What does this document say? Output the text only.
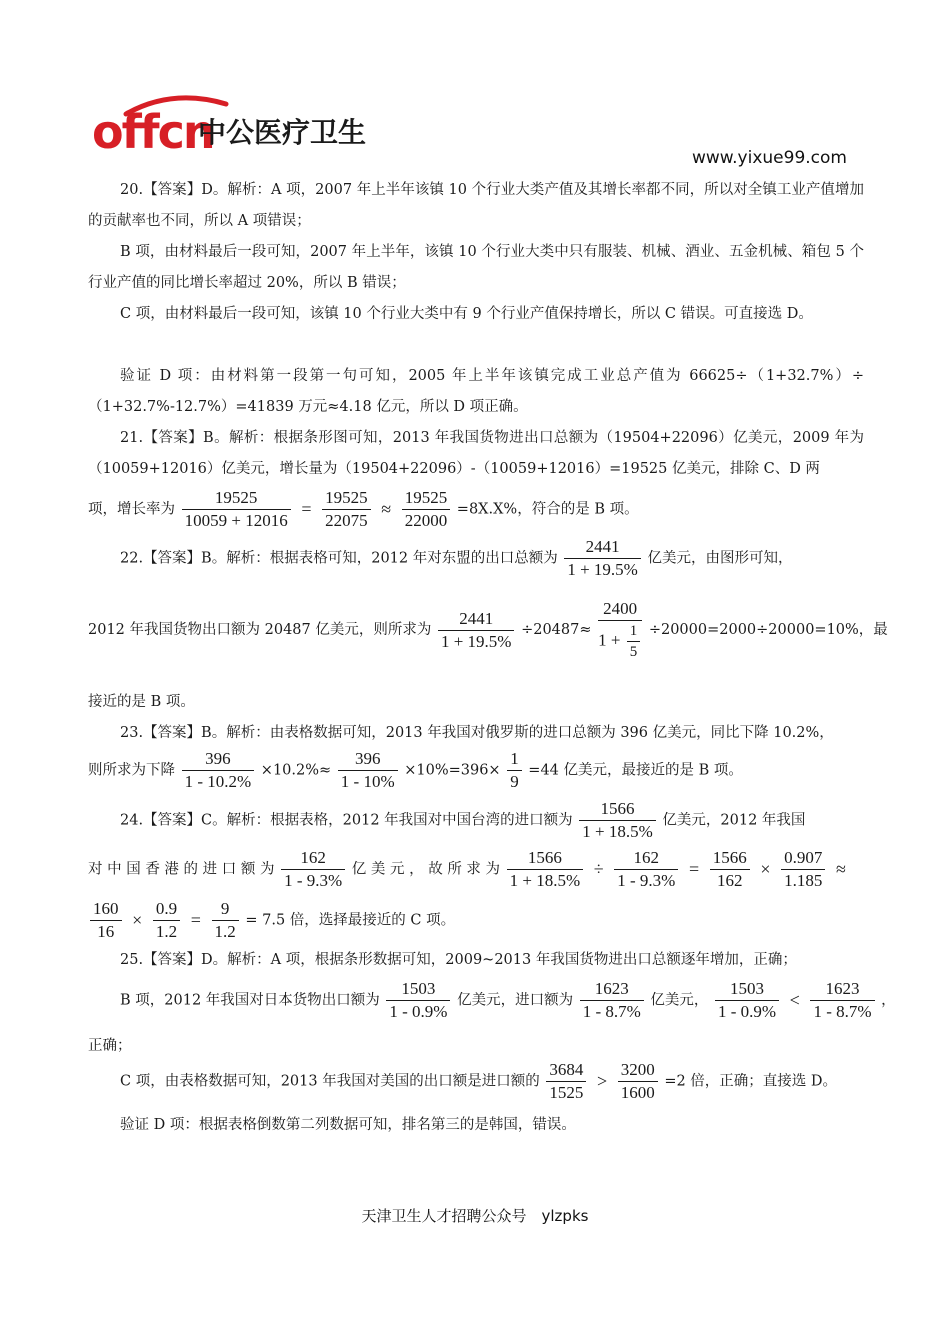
offcn
中公医疗卫生
www.yixue99.com
20.【答案】D。解析：A 项，2007 年上半年该镇 10 个行业大类产值及其增长率都不同，所以对全镇工业产值增加的贡献率也不同，所以 A 项错误；
B 项，由材料最后一段可知，2007 年上半年，该镇 10 个行业大类中只有服装、机械、酒业、五金机械、箱包 5 个行业产值的同比增长率超过 20%，所以 B 错误；
C 项，由材料最后一段可知，该镇 10 个行业大类中有 9 个行业产值保持增长，所以 C 错误。可直接选 D。
验证 D 项：由材料第一段第一句可知，2005 年上半年该镇完成工业总产值为 66625÷（1+32.7%）÷（1+32.7%-12.7%）=41839 万元≈4.18 亿元，所以 D 项正确。
21.【答案】B。解析：根据条形图可知，2013 年我国货物进出口总额为（19504+22096）亿美元，2009 年为（10059+12016）亿美元，增长量为（19504+22096）-（10059+12016）=19525 亿美元，排除 C、D 两
项，增长率为 $\frac{19525}{10059 + 12016} = \frac{19525}{22075} \approx \frac{19525}{22000} =8X.X\%$，符合的是 B 项。
22.【答案】B。解析：根据表格可知，2012 年对东盟的出口总额为 $\frac{2441}{1 + 19.5\%}$ 亿美元，由图形可知，
2012 年我国货物出口额为 20487 亿美元，则所求为 $\frac{2441}{1 + 19.5\%} \div 20487\approx \frac{2400}{1 + \frac{1}{5}} \div 20000=2000\div 20000=10\%$，最
接近的是 B 项。
23.【答案】B。解析：由表格数据可知，2013 年我国对俄罗斯的进口总额为 396 亿美元，同比下降 10.2%，
则所求为下降 $\frac{396}{1 - 10.2\%} \times 10.2\%\approx \frac{396}{1 - 10\%} \times 10\%=396\times \frac{1}{9} =44$ 亿美元，最接近的是 B 项。
24.【答案】C。解析：根据表格，2012 年我国对中国台湾的进口额为 $\frac{1566}{1 + 18.5\%}$ 亿美元，2012 年我国
对 中 国 香 港 的 进 口 额 为 $\frac{162}{1 - 9.3\%}$ 亿 美 元 ， 故 所 求 为 $\frac{1566}{1 + 18.5\%} \div \frac{162}{1 - 9.3\%} = \frac{1566}{162} \times \frac{0.907}{1.185}$ ≈
$\frac{160}{16} \times \frac{0.9}{1.2} = \frac{9}{1.2} = 7.5$ 倍，选择最接近的 C 项。
25.【答案】D。解析：A 项，根据条形数据可知，2009~2013 年我国货物进出口总额逐年增加，正确；
B 项，2012 年我国对日本货物出口额为 $\frac{1503}{1 - 0.9\%}$ 亿美元，进口额为 $\frac{1623}{1 - 8.7\%}$ 亿美元， $\frac{1503}{1 - 0.9\%} < \frac{1623}{1 - 8.7\%}$ ，
正确；
C 项，由表格数据可知，2013 年我国对美国的出口额是进口额的 $\frac{3684}{1525} > \frac{3200}{1600} =2$ 倍，正确；直接选 D。
验证 D 项：根据表格倒数第二列数据可知，排名第三的是韩国，错误。
天津卫生人才招聘公众号　ylzpks
